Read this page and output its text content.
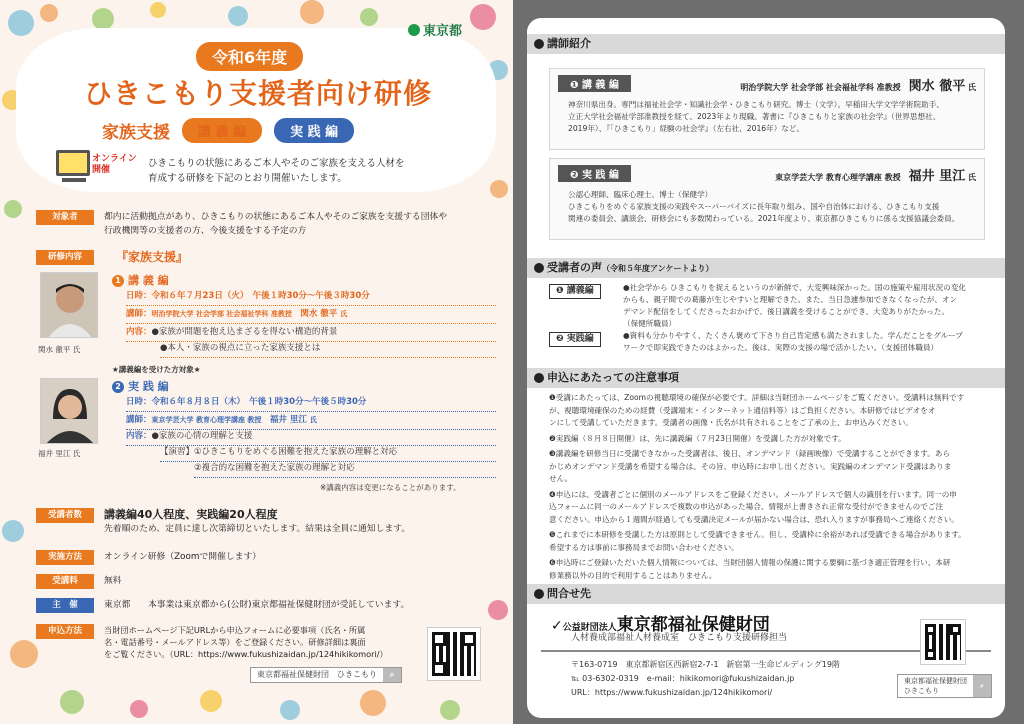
東京都
令和6年度
ひきこもり支援者向け研修
家族支援	講 義 編	実 践 編
オンライン
開催
ひきこもりの状態にあるご本人やそのご家族を支える人材を
育成する研修を下記のとおり開催いたします。
対象者	都内に活動拠点があり、ひきこもりの状態にあるご本人やそのご家族を支援する団体や
行政機関等の支援者の方、今後支援をする予定の方
研修内容	『家族支援』
関水 徹平 氏
1 講 義 編
日時：令和６年７月23日（火）　午後１時30分～午後３時30分
講師：明治学院大学 社会学部 社会福祉学科 准教授　 関水 徹平 氏
内容：●家族が問題を抱え込まざるを得ない構造的背景
●本人・家族の視点に立った家族支援とは
★講義編を受けた方対象★
福井 里江 氏
2 実 践 編
日時：令和６年８月８日（木）　午後１時30分～午後５時30分
講師：東京学芸大学 教育心理学講座 教授　 福井 里江 氏
内容：●家族の心情の理解と支援
【演習】①ひきこもりをめぐる困難を抱えた家族の理解と対応
②複合的な困難を抱えた家族の理解と対応
※講義内容は変更になることがあります。
受講者数	講義編40人程度、実践編20人程度
先着順のため、定員に達し次第締切といたします。結果は全員に通知します。
実施方法	オンライン研修（Zoomで開催します）
受講料	無料
主　催	東京都　　本事業は東京都から(公財)東京都福祉保健財団が受託しています。
申込方法	当財団ホームページ下記URLから申込フォームに必要事項（氏名・所属
名・電話番号・メールアドレス等）をご登録ください。研修詳細は裏面
をご覧ください。（URL：https://www.fukushizaidan.jp/124hikikomori/）
東京都福祉保健財団　ひきこもり	⌕
講師紹介
❶ 講 義 編	明治学院大学 社会学部 社会福祉学科 准教授　 関水 徹平 氏
神奈川県出身。専門は福祉社会学・知識社会学・ひきこもり研究。博士（文学）。早稲田大学文学学術院助手、
立正大学社会福祉学部准教授を経て、2023年より現職。著書に『ひきこもりと家族の社会学』（世界思想社、
2019年）、『「ひきこもり」経験の社会学』（左右社、2016年）など。
❷ 実 践 編	東京学芸大学 教育心理学講座 教授　 福井 里江 氏
公認心理師、臨床心理士、博士（保健学）
ひきこもりをめぐる家族支援の実践やスーパーバイズに長年取り組み、国や自治体における、ひきこもり支援
関連の委員会、講演会、研修会にも多数関わっている。2021年度より、東京都ひきこもりに係る支援協議会委員。
受講者の声（令和５年度アンケートより）
❶ 講義編	●社会学から ひきこもりを捉えるというのが新鮮で、大変興味深かった。国の施策や雇用状況の変化
からも、親子間での葛藤が生じやすいと理解できた。また、当日急遽参加できなくなったが、オン
デマンド配信をしてくださったおかげで、後日講義を受けることができ、大変ありがたかった。
（保健所職員）
❷ 実践編	●資料も分かりやすく、たくさん褒めて下さり自己肯定感も満たされました。学んだことをグループ
ワークで即実践できたのはよかった。後は、実際の支援の場で活かしたい。（支援団体職員）
申込にあたっての注意事項

❶受講にあたっては、Zoomの視聴環境の確保が必要です。詳細は当財団ホームページをご覧ください。受講料は無料です
が、視聴環境確保のための経費（受講端末・インターネット通信料等）はご負担ください。本研修ではビデオをオ
ンにして受講していただきます。受講者の画像・氏名が共有されることをご了承の上、お申込みください。

❷実践編（８月８日開催）は、先に講義編（７月23日開催）を受講した方が対象です。

❸講義編を研修当日に受講できなかった受講者は、後日、オンデマンド（録画映像）で受講することができます。あら
かじめオンデマンド受講を希望する場合は、その旨、申込時にお申し出ください。実践編のオンデマンド受講はありま
せん。

❹申込には、受講者ごとに個別のメールアドレスをご登録ください。メールアドレスで個人の識別を行います。同一の申
込フォームに同一のメールアドレスで複数の申込があった場合、情報が上書きされ正常な受付ができませんのでご注
意ください。申込から１週間が経過しても受講決定メールが届かない場合は、恐れ入りますが事務局へご連絡ください。

❺これまでに本研修を受講した方は原則として受講できません。但し、受講枠に余裕があれば受講できる場合があります。
希望する方は事前に事務局までお問い合わせください。

❻申込時にご登録いただいた個人情報については、当財団個人情報の保護に関する要綱に基づき適正管理を行い、本研
修業務以外の目的で利用することはありません。

問合せ先
✓公益財団法人東京都福祉保健財団
人材養成部福祉人材養成室　ひきこもり支援研修担当
〒163-0719　東京都新宿区西新宿2-7-1　新宿第一生命ビルディング19階
℡ 03-6302-0319　e-mail：hikikomori@fukushizaidan.jp
URL：https://www.fukushizaidan.jp/124hikikomori/
東京都福祉保健財団
ひきこもり
⌕
